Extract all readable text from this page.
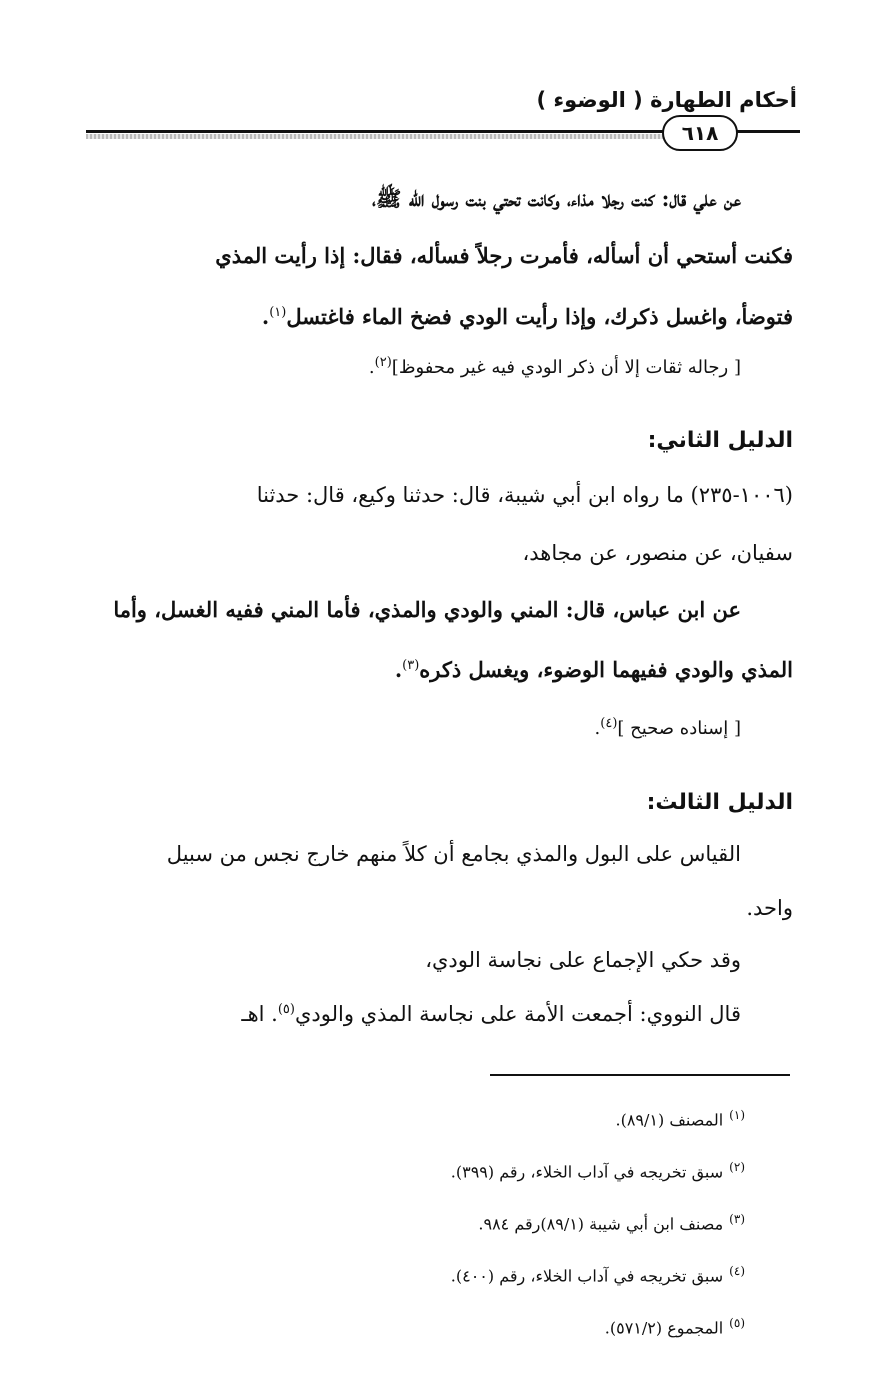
أحكام الطهارة ( الوضوء )
٦١٨

عن علي قال: كنت رجلا مذاء، وكانت تحتي بنت رسول الله ﷺ،
فكنت أستحي أن أسأله، فأمرت رجلاً فسأله، فقال: إذا رأيت المذي
فتوضأ، واغسل ذكرك، وإذا رأيت الودي فضخ الماء فاغتسل$^{(١)}$.

[ رجاله ثقات إلا أن ذكر الودي فيه غير محفوظ]$^{(٢)}$.

الدليل الثاني:

(١٠٠٦-٢٣٥) ما رواه ابن أبي شيبة، قال: حدثنا وكيع، قال: حدثنا
سفيان، عن منصور، عن مجاهد،

عن ابن عباس، قال: المني والودي والمذي، فأما المني ففيه الغسل، وأما
المذي والودي ففيهما الوضوء، ويغسل ذكره$^{(٣)}$.

[ إسناده صحيح ]$^{(٤)}$.

الدليل الثالث:

القياس على البول والمذي بجامع أن كلاً منهم خارج نجس من سبيل
واحد.

وقد حكي الإجماع على نجاسة الودي،

قال النووي: أجمعت الأمة على نجاسة المذي والودي$^{(٥)}$. اهـ

$^{(١)}$المصنف (٨٩/١).
$^{(٢)}$سبق تخريجه في آداب الخلاء، رقم (٣٩٩).
$^{(٣)}$مصنف ابن أبي شيبة (٨٩/١)رقم ٩٨٤.
$^{(٤)}$سبق تخريجه في آداب الخلاء، رقم (٤٠٠).
$^{(٥)}$المجموع (٥٧١/٢).
